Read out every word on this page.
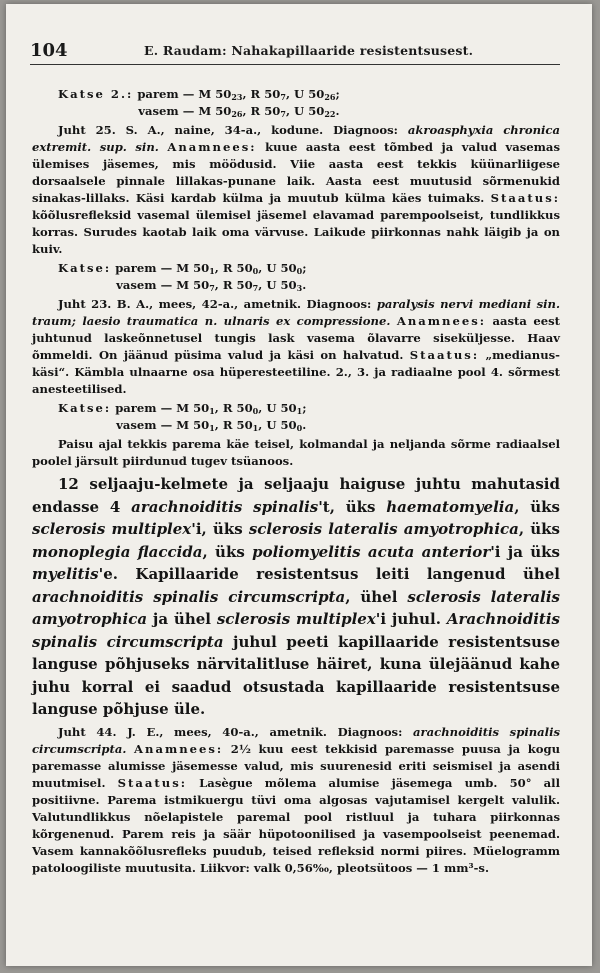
104	E. Raudam: Nahakapillaaride resistentsusest.
Katse 2.: parem — M $50_{23}$, R $50_7$, U $50_{26}$;
vasem — M $50_{26}$, R $50_7$, U $50_{22}$.

Juht 25. S. A., naine, 34-a., kodune. Diagnoos: akroasphyxia chronica extremit. sup. sin. Anamnees: kuue aasta eest tõmbed ja valud vasemas ülemises jäsemes, mis möödusid. Viie aasta eest tekkis küünarliigese dorsaalsele pinnale lillakas-punane laik. Aasta eest muutusid sõrmenukid sinakas-lillaks. Käsi kardab külma ja muutub külma käes tuimaks. Staatus: kõõlusrefleksid vasemal ülemisel jäsemel elavamad parempoolseist, tundlikkus korras. Surudes kaotab laik oma värvuse. Laikude piirkonnas nahk läigib ja on kuiv.

Katse: parem — M $50_1$, R $50_0$, U $50_0$;
vasem — M $50_7$, R $50_7$, U $50_3$.

Juht 23. B. A., mees, 42-a., ametnik. Diagnoos: paralysis nervi mediani sin. traum; laesio traumatica n. ulnaris ex compressione. Anamnees: aasta eest juhtunud laskeõnnetusel tungis lask vasema õlavarre siseküljesse. Haav õmmeldi. On jäänud püsima valud ja käsi on halvatud. Staatus: „medianus-käsi“. Kämbla ulnaarne osa hüperesteetiline. 2., 3. ja radiaalne pool 4. sõrmest anesteetilised.

Katse: parem — M $50_1$, R $50_0$, U $50_1$;
vasem — M $50_1$, R $50_1$, U $50_0$.

Paisu ajal tekkis parema käe teisel, kolmandal ja neljanda sõrme radiaalsel poolel järsult piirdunud tugev tsüanoos.

12 seljaaju-kelmete ja seljaaju haiguse juhtu mahutasid endasse 4 arachnoiditis spinalis't, üks haematomyelia, üks sclerosis multiplex'i, üks sclerosis lateralis amyotrophica, üks monoplegia flaccida, üks poliomyelitis acuta anterior'i ja üks myelitis'e. Kapillaaride resistentsus leiti langenud ühel arachnoiditis spinalis circumscripta, ühel sclerosis lateralis amyotrophica ja ühel sclerosis multiplex'i juhul. Arachnoiditis spinalis circumscripta juhul peeti kapillaaride resistentsuse languse põhjuseks närvitalitluse häiret, kuna ülejäänud kahe juhu korral ei saadud otsustada kapillaaride resistentsuse languse põhjuse üle.

Juht 44. J. E., mees, 40-a., ametnik. Diagnoos: arachnoiditis spinalis circumscripta. Anamnees: 2½ kuu eest tekkisid paremasse puusa ja kogu paremasse alumisse jäsemesse valud, mis suurenesid eriti seismisel ja asendi muutmisel. Staatus: Lasègue mõlema alumise jäsemega umb. 50° all positiivne. Parema istmikuergu tüvi oma algosas vajutamisel kergelt valulik. Valutundlikkus nõelapistele paremal pool ristluul ja tuhara piirkonnas kõrgenenud. Parem reis ja säär hüpotoonilised ja vasempoolseist peenemad. Vasem kannakõõlusrefleks puudub, teised refleksid normi piires. Müelogramm patoloogiliste muutusita. Liikvor: valk 0,56‰, pleotsütoos — 1 mm³-s.
